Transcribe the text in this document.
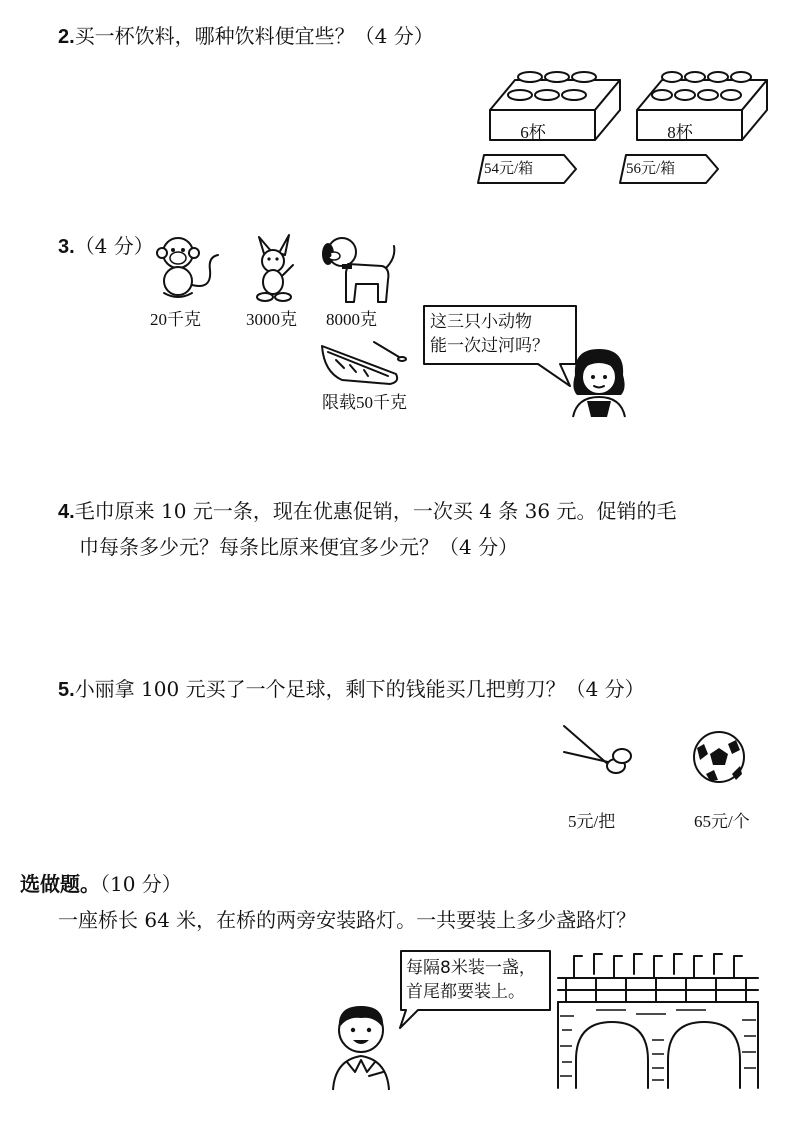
2.买一杯饮料，哪种饮料便宜些？（4 分）
6杯
54元/箱
8杯
56元/箱
3.（4 分）
20千克	3000克 8000克
限载50千克
这三只小动物
能一次过河吗？
4.毛巾原来 10 元一条，现在优惠促销，一次买 4 条 36 元。促销的毛
巾每条多少元？每条比原来便宜多少元？（4 分）
5.小丽拿 100 元买了一个足球，剩下的钱能买几把剪刀？（4 分）
5元/把	65元/个
选做题。（10 分）
一座桥长 64 米，在桥的两旁安装路灯。一共要装上多少盏路灯？
每隔8米装一盏，
首尾都要装上。
